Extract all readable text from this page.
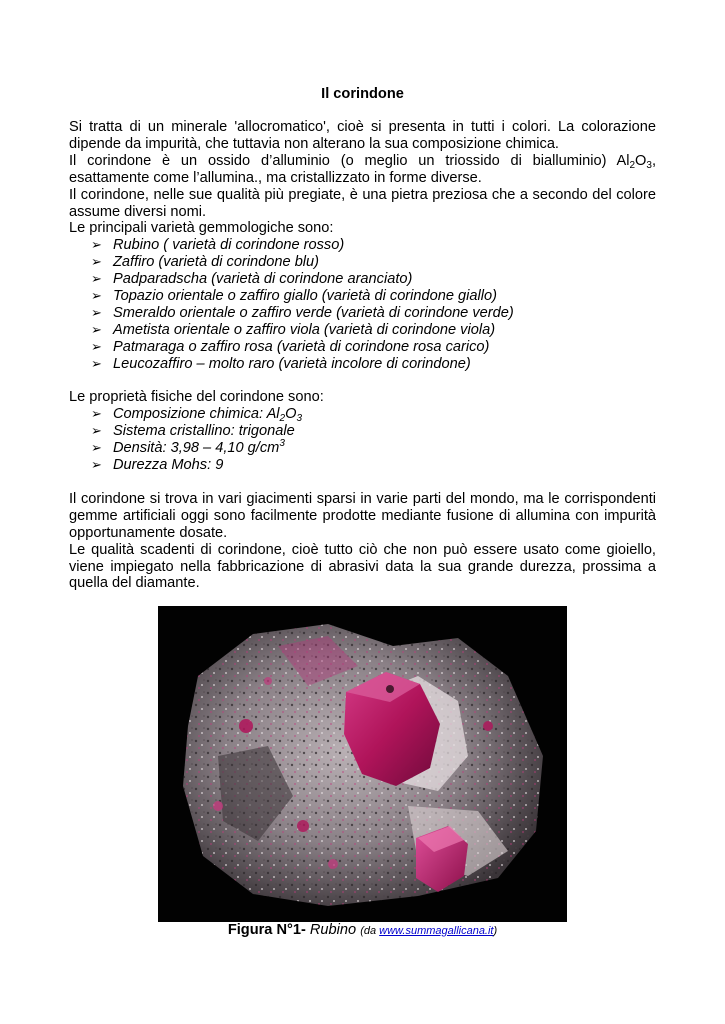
Il corindone

Si tratta di un minerale 'allocromatico', cioè si presenta in tutti i colori. La colorazione dipende da impurità, che tuttavia non alterano la sua composizione chimica.

Il corindone è un ossido d’alluminio (o meglio un triossido di bialluminio) $Al_2O_3$, esattamente come l’allumina., ma cristallizzato in forme diverse.

Il corindone, nelle sue qualità più pregiate, è una pietra preziosa che a secondo del colore assume diversi nomi.

Le principali varietà gemmologiche sono:

➢ Rubino ( varietà di corindone rosso)
➢ Zaffiro (varietà di corindone blu)
➢ Padparadscha (varietà di corindone aranciato)
➢ Topazio orientale o zaffiro giallo (varietà di corindone giallo)
➢ Smeraldo orientale o zaffiro verde (varietà di corindone verde)
➢ Ametista orientale o zaffiro viola (varietà di corindone viola)
➢ Patmaraga o zaffiro rosa (varietà di corindone rosa carico)
➢ Leucozaffiro – molto raro (varietà incolore di corindone)

Le proprietà fisiche del corindone sono:

➢ Composizione chimica: $Al_2O_3$
➢ Sistema cristallino: trigonale
➢ Densità: 3,98 – 4,10 $g/cm^3$
➢ Durezza Mohs: 9

Il corindone si trova in vari giacimenti sparsi in varie parti del mondo, ma le corrispondenti gemme artificiali oggi sono facilmente prodotte mediante fusione di allumina con impurità opportunamente dosate.

Le qualità scadenti di corindone, cioè tutto ciò che non può essere usato come gioiello, viene impiegato nella fabbricazione di abrasivi data la sua grande durezza, prossima a quella del diamante.

Figura N°1- Rubino (da www.summagallicana.it)
